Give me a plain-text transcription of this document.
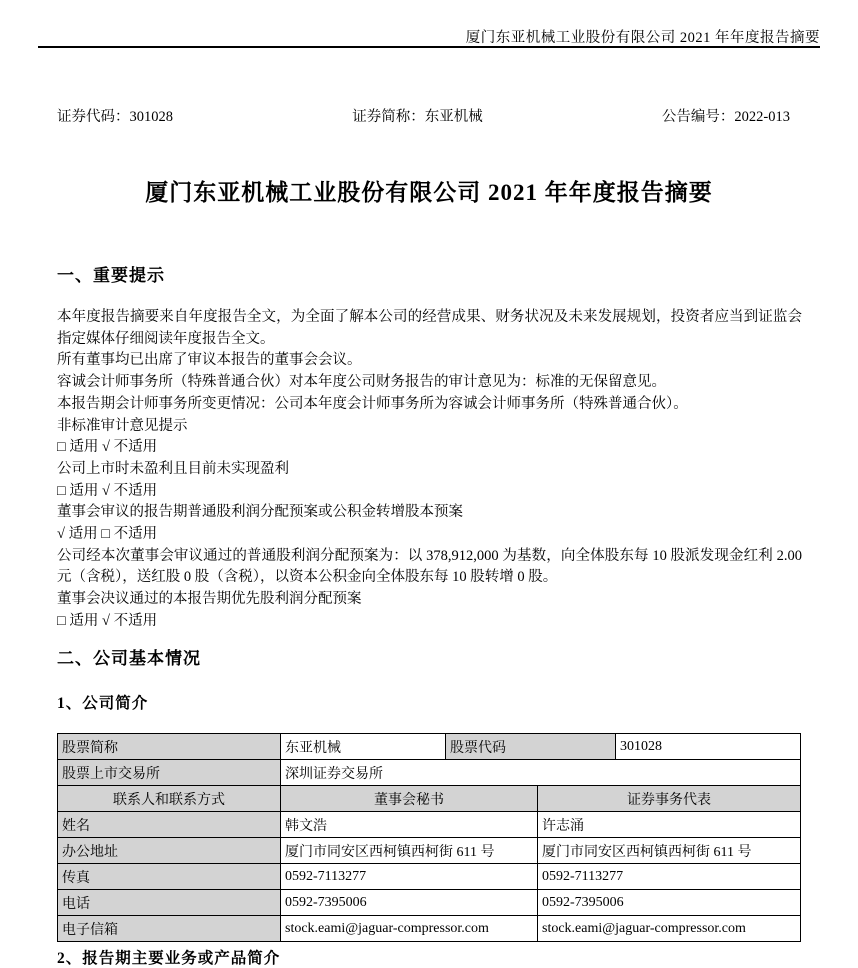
厦门东亚机械工业股份有限公司 2021 年年度报告摘要
证券代码：301028	证券简称：东亚机械	公告编号：2022-013
厦门东亚机械工业股份有限公司 2021 年年度报告摘要
一、重要提示

本年度报告摘要来自年度报告全文，为全面了解本公司的经营成果、财务状况及未来发展规划，投资者应当到证监会指定媒体仔细阅读年度报告全文。

所有董事均已出席了审议本报告的董事会会议。

容诚会计师事务所（特殊普通合伙）对本年度公司财务报告的审计意见为：标准的无保留意见。

本报告期会计师事务所变更情况：公司本年度会计师事务所为容诚会计师事务所（特殊普通合伙）。

非标准审计意见提示

□ 适用 √ 不适用

公司上市时未盈利且目前未实现盈利

□ 适用 √ 不适用

董事会审议的报告期普通股利润分配预案或公积金转增股本预案

√ 适用 □ 不适用

公司经本次董事会审议通过的普通股利润分配预案为：以 378,912,000 为基数，向全体股东每 10 股派发现金红利 2.00 元（含税），送红股 0 股（含税），以资本公积金向全体股东每 10 股转增 0 股。

董事会决议通过的本报告期优先股利润分配预案

□ 适用 √ 不适用

二、公司基本情况
1、公司简介
股票简称	东亚机械	股票代码		301028
股票上市交易所	深圳证券交易所			
联系人和联系方式	董事会秘书		证券事务代表	
姓名	韩文浩		许志涌	
办公地址	厦门市同安区西柯镇西柯街 611 号		厦门市同安区西柯镇西柯街 611 号	
传真	0592-7113277		0592-7113277	
电话	0592-7395006		0592-7395006	
电子信箱	stock.eami@jaguar-compressor.com		stock.eami@jaguar-compressor.com	
2、报告期主要业务或产品简介
